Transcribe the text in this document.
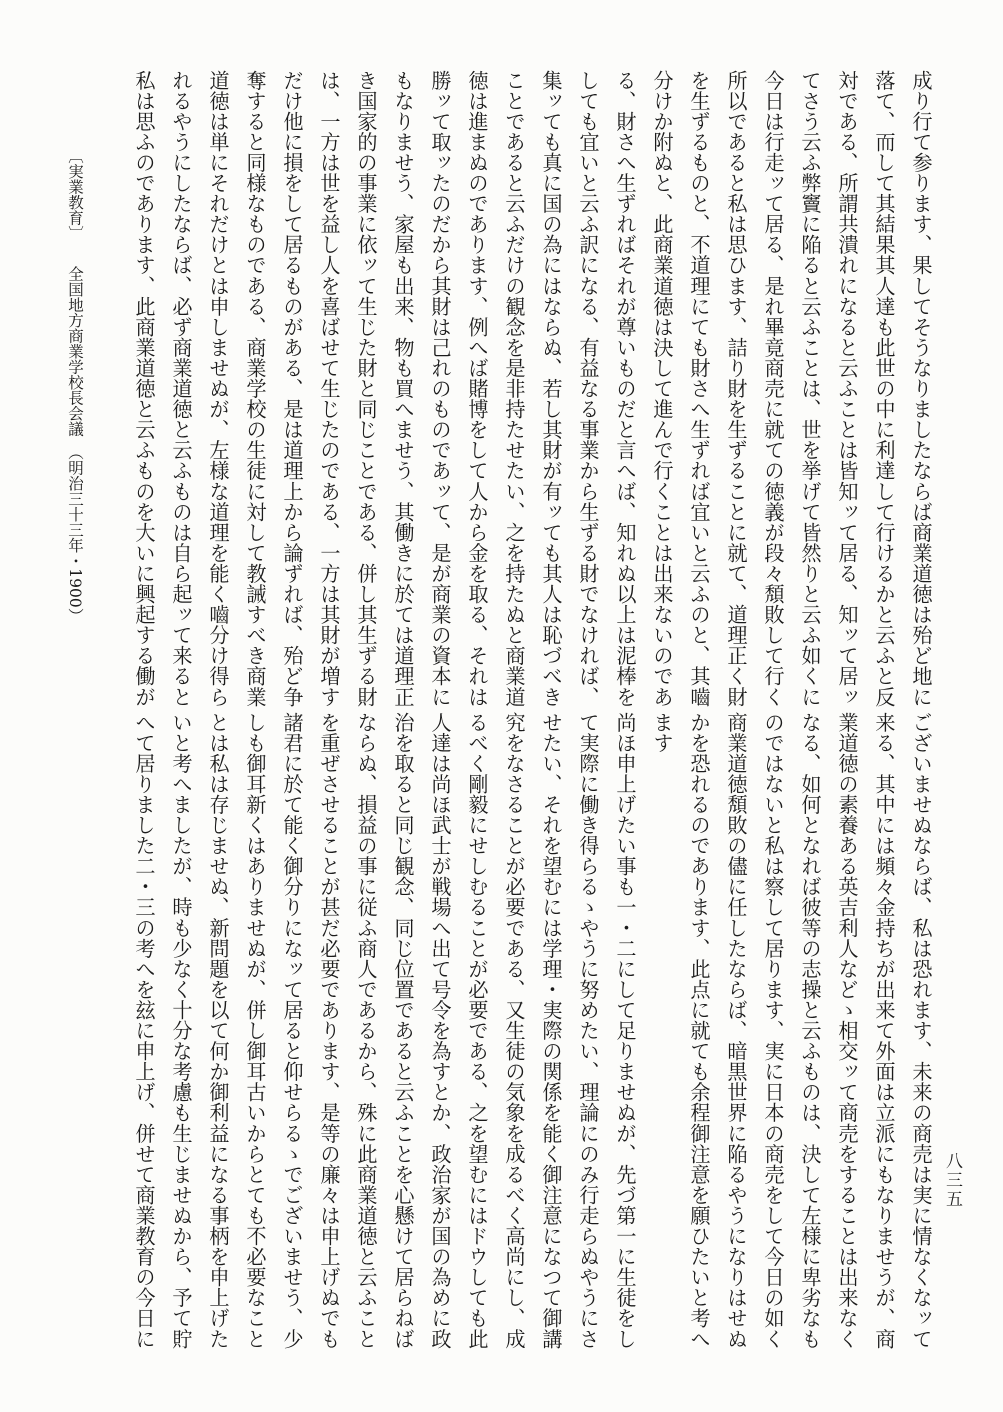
成り行て参ります、果してそうなりましたならば商業道徳は殆ど地に
落て、而して其結果其人達も此世の中に利達して行けるかと云ふと反
対である、所謂共潰れになると云ふことは皆知ッて居る、知ッて居ッ
てさう云ふ弊竇に陥ると云ふことは、世を挙げて皆然りと云ふ如くに
今日は行走ッて居る、是れ畢竟商売に就ての徳義が段々頽敗して行く
所以であると私は思ひます、詰り財を生ずることに就て、道理正く財
を生ずるものと、不道理にても財さへ生ずれば宜いと云ふのと、其嚙
分けか附ぬと、此商業道徳は決して進んで行くことは出来ないのであ
る、財さへ生ずればそれが尊いものだと言へば、知れぬ以上は泥棒を
しても宜いと云ふ訳になる、有益なる事業から生ずる財でなければ、
集ッても真に国の為にはならぬ、若し其財が有ッても其人は恥づべき
ことであると云ふだけの観念を是非持たせたい、之を持たぬと商業道
徳は進まぬのであります、例へば賭博をして人から金を取る、それは
勝ッて取ッたのだから其財は己れのものであッて、是が商業の資本に
もなりませう、家屋も出来、物も買へませう、其働きに於ては道理正
き国家的の事業に依ッて生じた財と同じことである、併し其生ずる財
は、一方は世を益し人を喜ばせて生じたのである、一方は其財が増す
だけ他に損をして居るものがある、是は道理上から論ずれば、殆ど争
奪すると同様なものである、商業学校の生徒に対して教誡すべき商業
道徳は単にそれだけとは申しませぬが、左様な道理を能く嚙分け得ら
れるやうにしたならば、必ず商業道徳と云ふものは自ら起ッて来ると
私は思ふのであります、此商業道徳と云ふものを大いに興起する働が
ございませぬならば、私は恐れます、未来の商売は実に情なくなッて
来る、其中には頻々金持ちが出来て外面は立派にもなりませうが、商
業道徳の素養ある英吉利人などゝ相交ッて商売をすることは出来なく
なる、如何となれば彼等の志操と云ふものは、決して左様に卑劣なも
のではないと私は察して居ります、実に日本の商売をして今日の如く
商業道徳頽敗の儘に任したならば、暗黒世界に陥るやうになりはせぬ
かを恐れるのであります、此点に就ても余程御注意を願ひたいと考へ
ます
尚ほ申上げたい事も一・二にして足りませぬが、先づ第一に生徒をし
て実際に働き得らるゝやうに努めたい、理論にのみ行走らぬやうにさ
せたい、それを望むには学理・実際の関係を能く御注意になつて御講
究をなさることが必要である、又生徒の気象を成るべく高尚にし、成
るべく剛毅にせしむることが必要である、之を望むにはドウしても此
人達は尚ほ武士が戦場へ出て号令を為すとか、政治家が国の為めに政
治を取ると同じ観念、同じ位置であると云ふことを心懸けて居らねば
ならぬ、損益の事に従ふ商人であるから、殊に此商業道徳と云ふこと
を重ぜさせることが甚だ必要であります、是等の廉々は申上げぬでも
諸君に於て能く御分りになッて居ると仰せらるゝでございませう、少
しも御耳新くはありませぬが、併し御耳古いからとても不必要なこと
とは私は存じませぬ、新問題を以て何か御利益になる事柄を申上げた
いと考へましたが、時も少なく十分な考慮も生じませぬから、予て貯
へて居りました二・三の考へを玆に申上げ、併せて商業教育の今日に
〔実業教育〕
全国地方商業学校長会議　（明治三十三年・1900）
八三五
